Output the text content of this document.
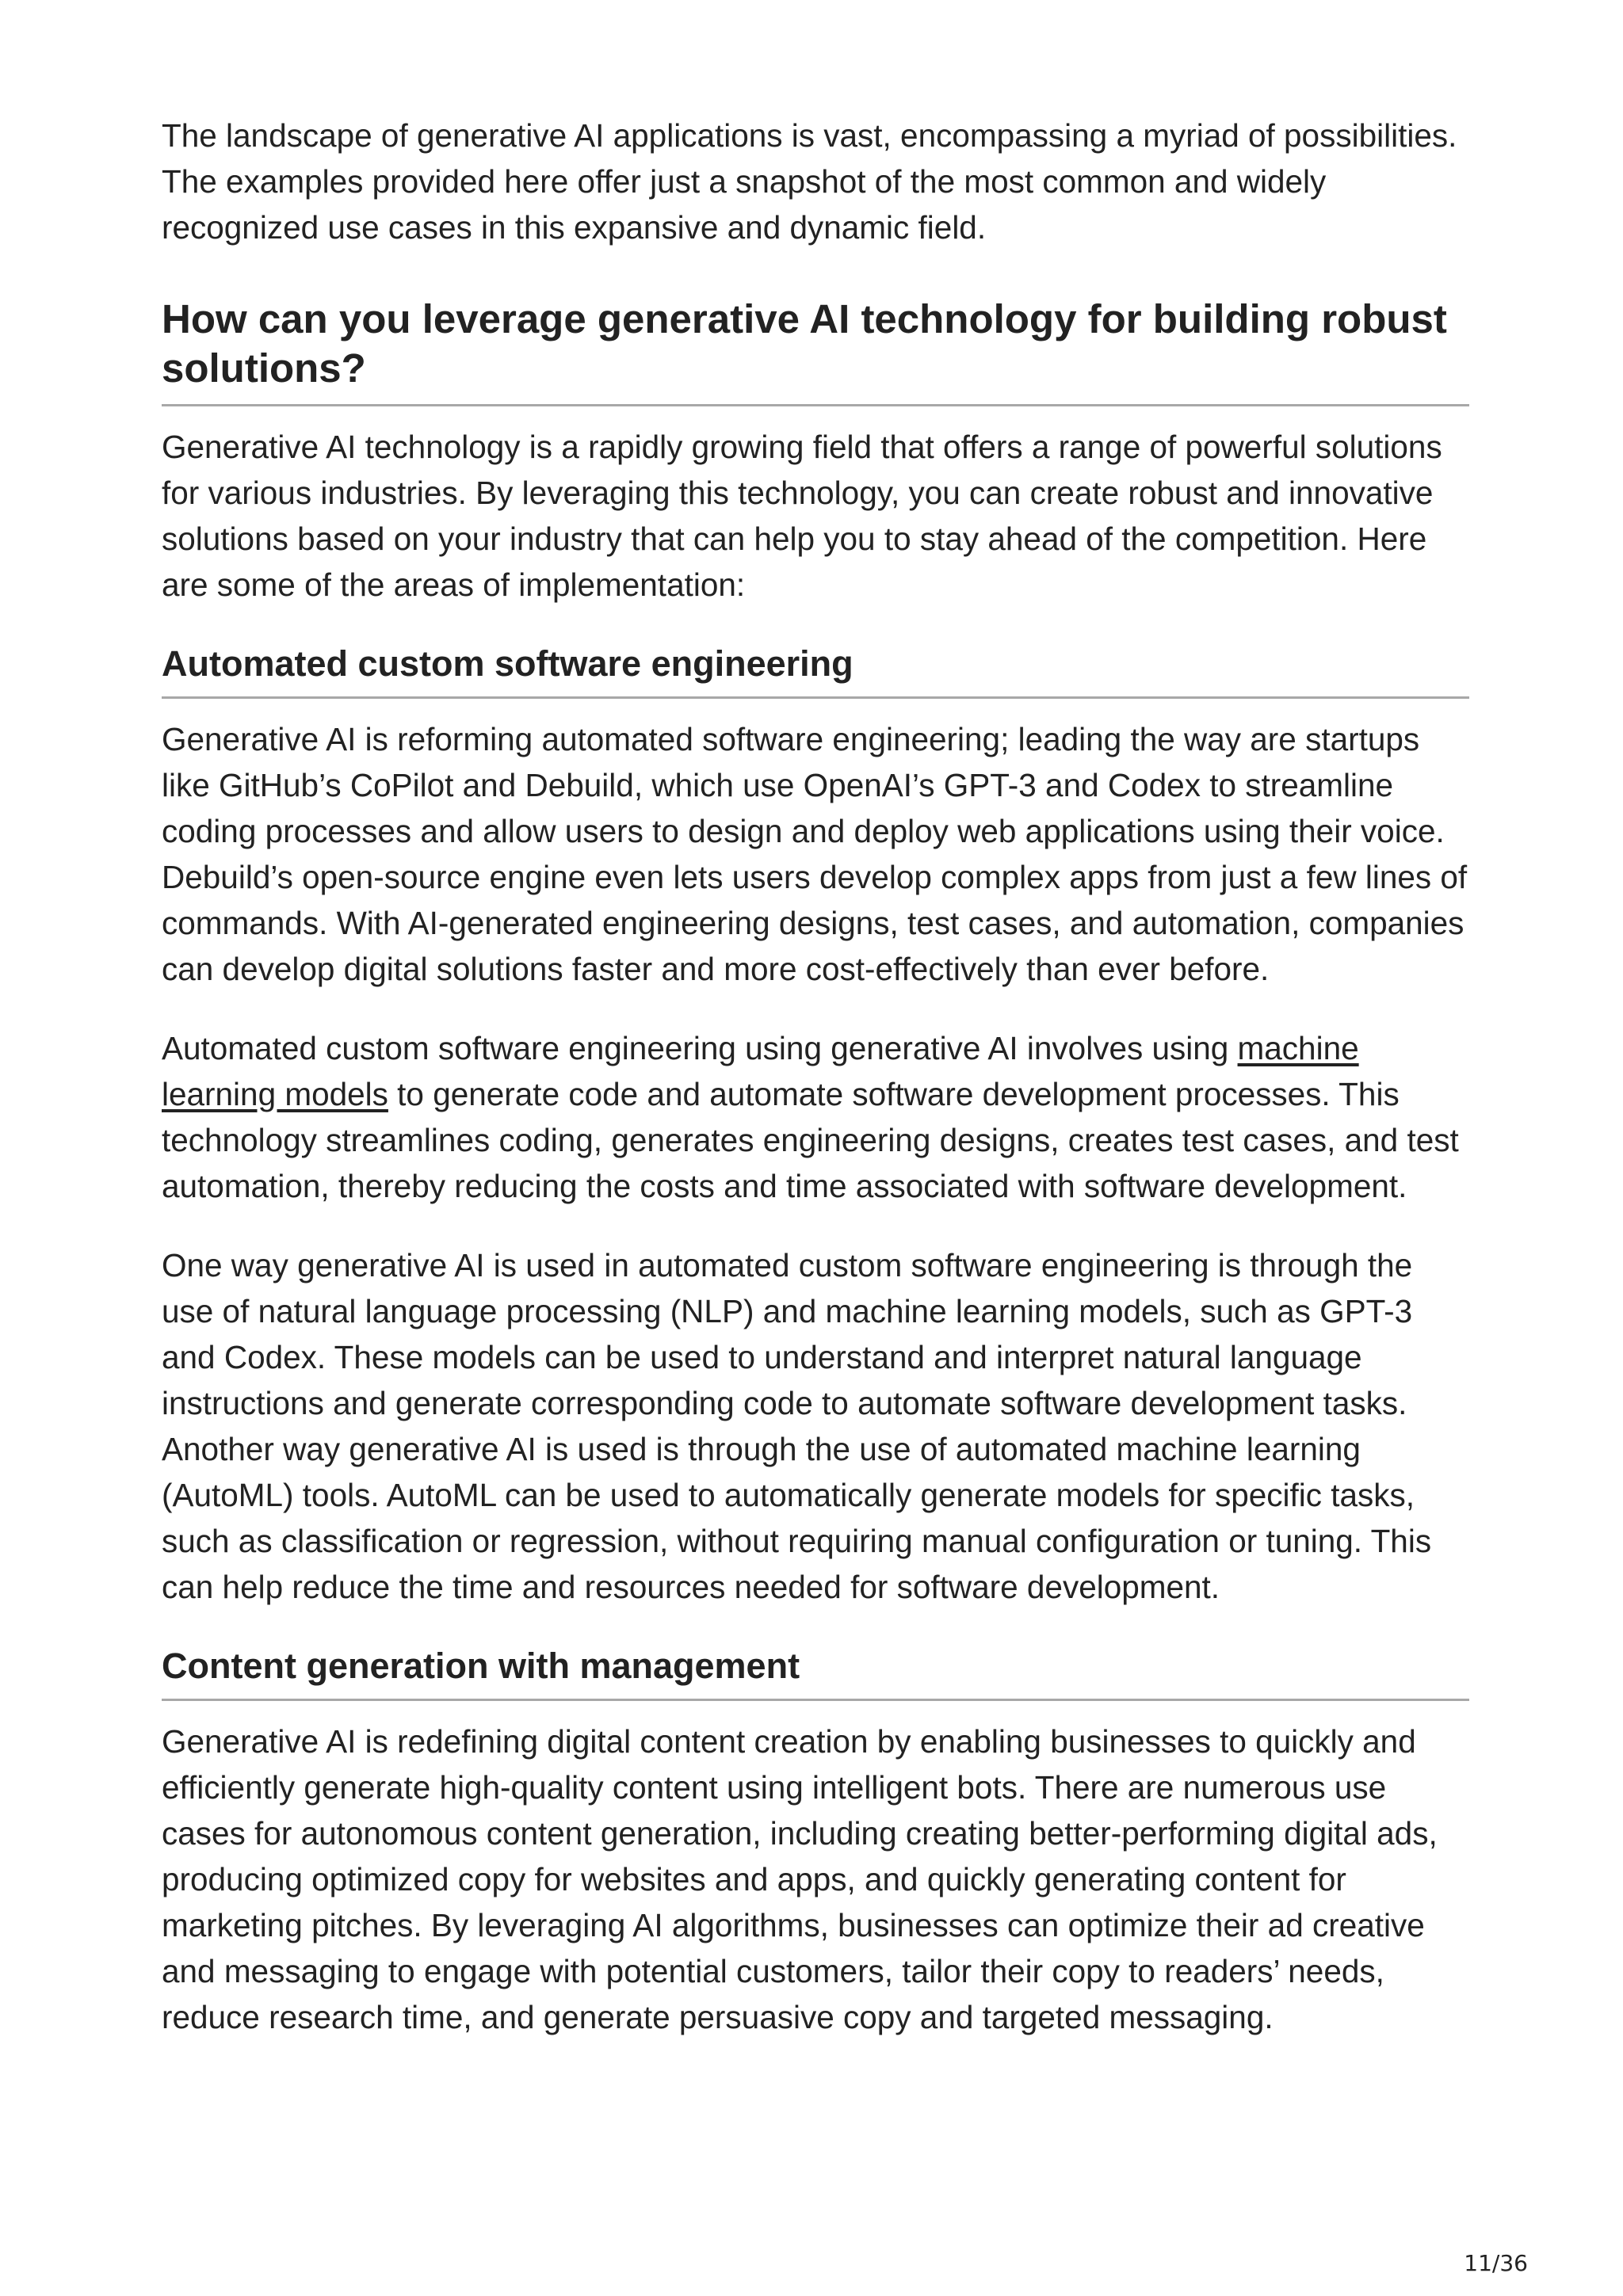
The landscape of generative AI applications is vast, encompassing a myriad of possibilities. The examples provided here offer just a snapshot of the most common and widely recognized use cases in this expansive and dynamic field.

How can you leverage generative AI technology for building robust solutions?

Generative AI technology is a rapidly growing field that offers a range of powerful solutions for various industries. By leveraging this technology, you can create robust and innovative solutions based on your industry that can help you to stay ahead of the competition. Here are some of the areas of implementation:

Automated custom software engineering

Generative AI is reforming automated software engineering; leading the way are startups like GitHub’s CoPilot and Debuild, which use OpenAI’s GPT-3 and Codex to streamline coding processes and allow users to design and deploy web applications using their voice. Debuild’s open-source engine even lets users develop complex apps from just a few lines of commands. With AI-generated engineering designs, test cases, and automation, companies can develop digital solutions faster and more cost-effectively than ever before.

Automated custom software engineering using generative AI involves using machine learning models to generate code and automate software development processes. This technology streamlines coding, generates engineering designs, creates test cases, and test automation, thereby reducing the costs and time associated with software development.

One way generative AI is used in automated custom software engineering is through the use of natural language processing (NLP) and machine learning models, such as GPT-3 and Codex. These models can be used to understand and interpret natural language instructions and generate corresponding code to automate software development tasks. Another way generative AI is used is through the use of automated machine learning (AutoML) tools. AutoML can be used to automatically generate models for specific tasks, such as classification or regression, without requiring manual configuration or tuning. This can help reduce the time and resources needed for software development.

Content generation with management

Generative AI is redefining digital content creation by enabling businesses to quickly and efficiently generate high-quality content using intelligent bots. There are numerous use cases for autonomous content generation, including creating better-performing digital ads, producing optimized copy for websites and apps, and quickly generating content for marketing pitches. By leveraging AI algorithms, businesses can optimize their ad creative and messaging to engage with potential customers, tailor their copy to readers’ needs, reduce research time, and generate persuasive copy and targeted messaging.

11/36
